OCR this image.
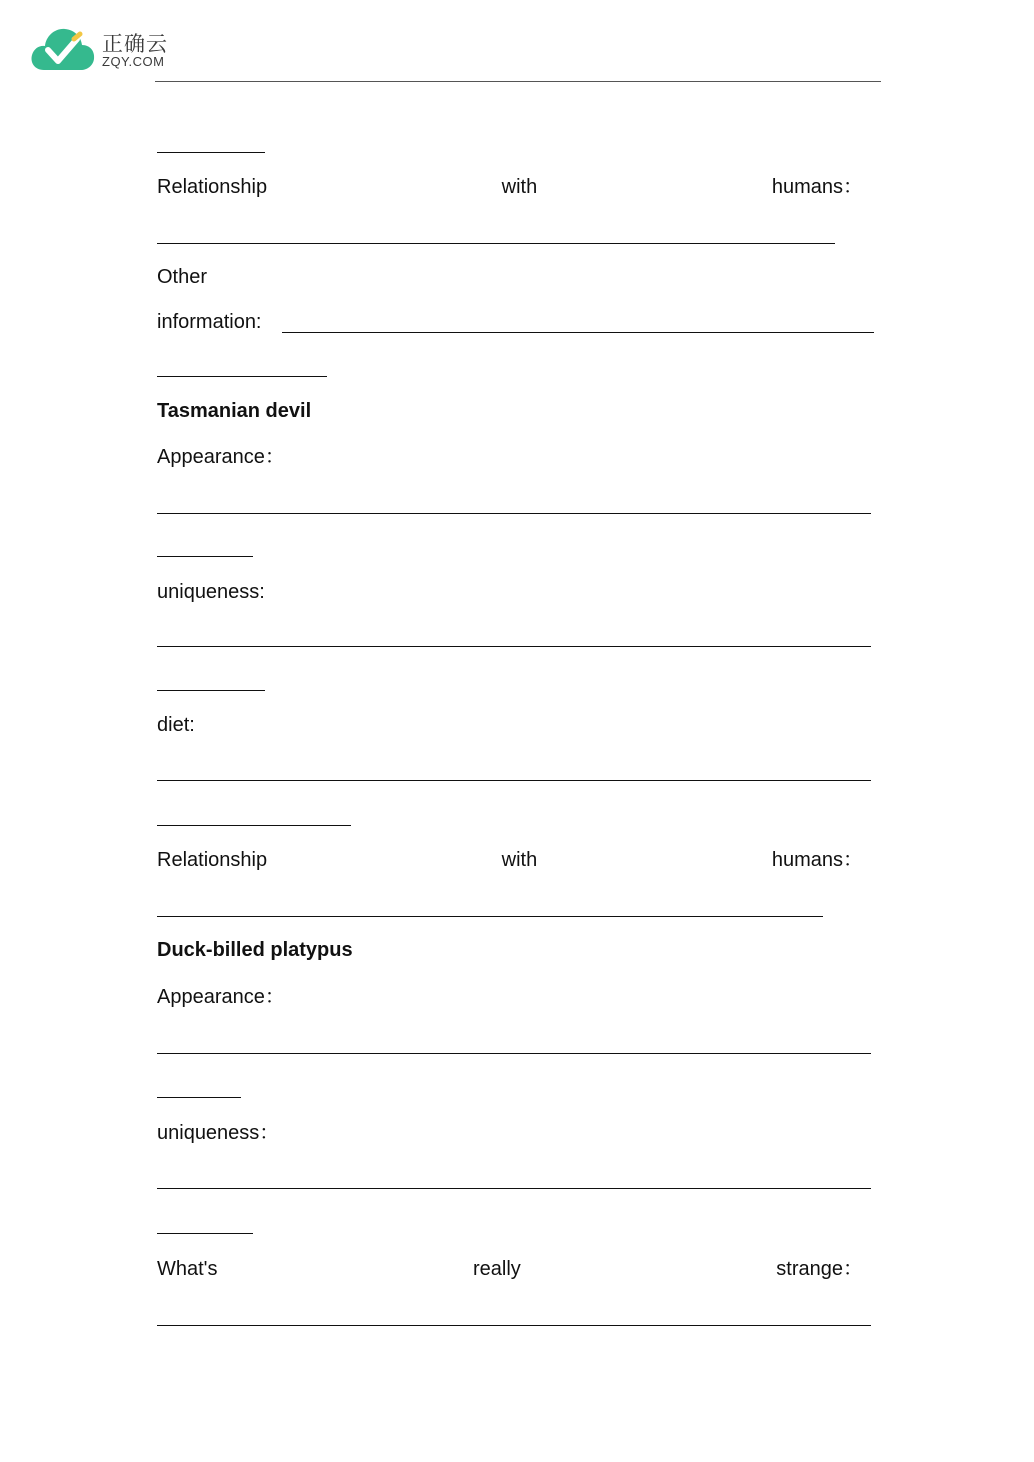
正确云
ZQY.COM
Relationship	with	humans：
Other
information:
Tasmanian devil
Appearance：
uniqueness:
diet:
Relationship	with	humans：
Duck-billed platypus
Appearance：
uniqueness：
What's	really	strange：
